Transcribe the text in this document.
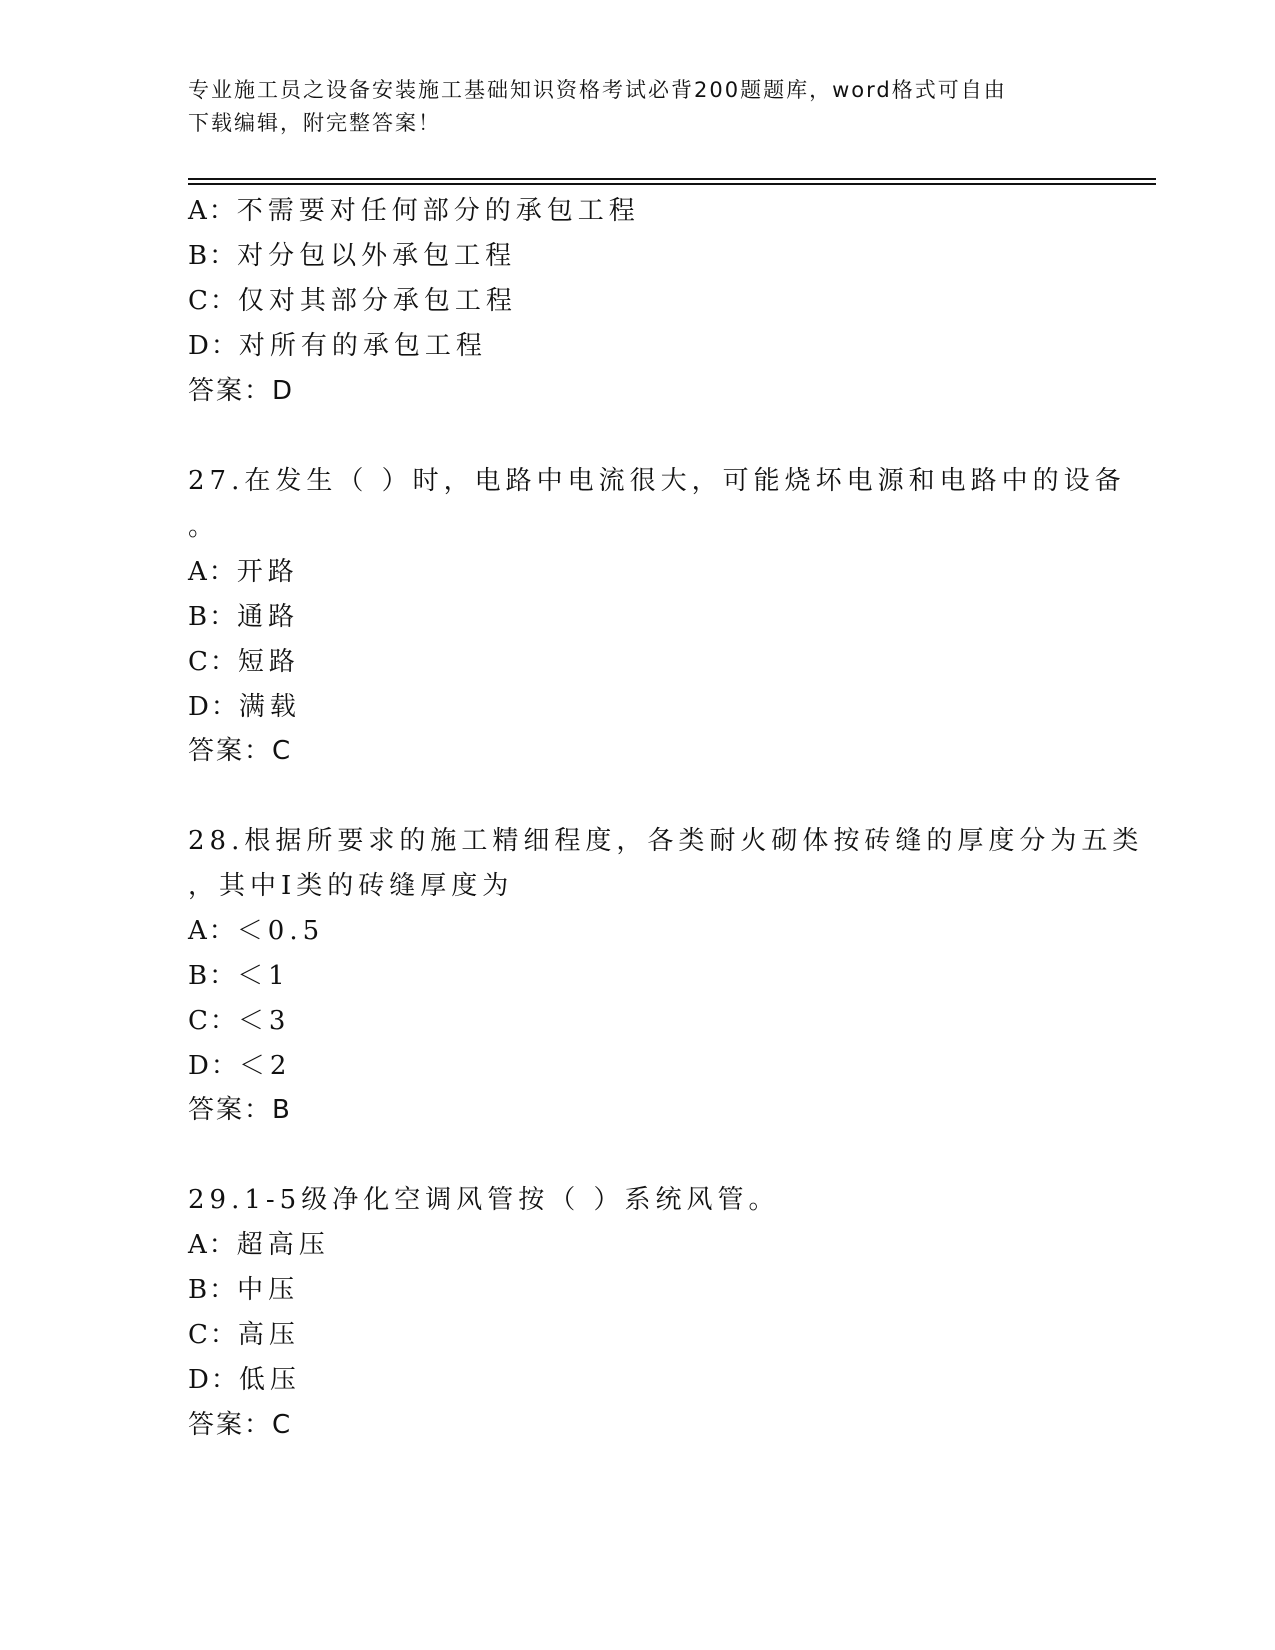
专业施工员之设备安装施工基础知识资格考试必背200题题库，word格式可自由
下载编辑，附完整答案！
A：不需要对任何部分的承包工程
B：对分包以外承包工程
C：仅对其部分承包工程
D：对所有的承包工程
答案：D
27.在发生（ ）时，电路中电流很大，可能烧坏电源和电路中的设备
。
A：开路
B：通路
C：短路
D：满载
答案：C
28.根据所要求的施工精细程度，各类耐火砌体按砖缝的厚度分为五类
，其中Ⅰ类的砖缝厚度为
A：＜0.5
B：＜1
C：＜3
D：＜2
答案：B
29.1-5级净化空调风管按（ ）系统风管。
A：超高压
B：中压
C：高压
D：低压
答案：C
